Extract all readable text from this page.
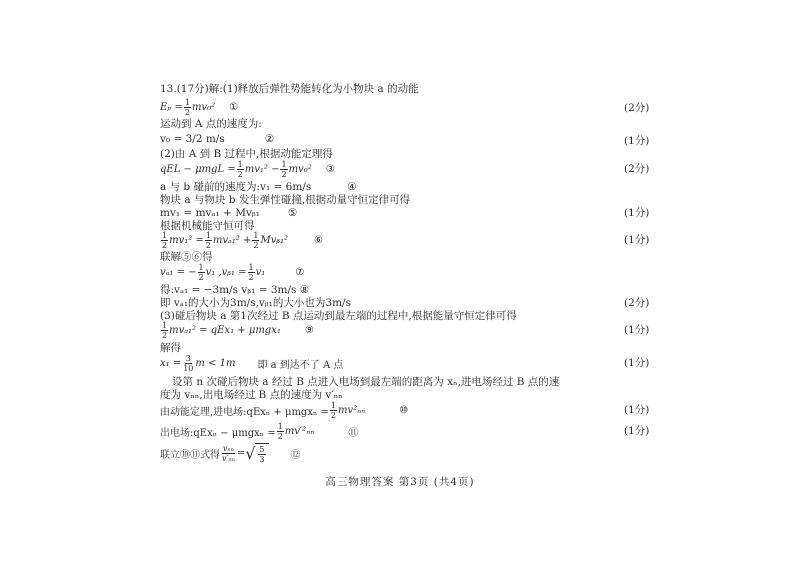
13.(17分)解:(1)释放后弹性势能转化为小物块 a 的动能
$E_p = \frac{1}{2} mv_0^2$ ①	(2分)
运动到 A 点的速度为:
v₀ = 3/2 m/s	②	(1分)
(2)由 A 到 B 过程中,根据动能定理得
qEL − $\mu mgL = \frac{1}{2} mv_1^2 - \frac{1}{2} mv_0^2$ ③	(2分)
a 与 b 碰前的速度为:v₁ = 6m/s	④
物块 a 与物块 b 发生弹性碰撞,根据动量守恒定律可得
mv₁ = mvₐ₁ + Mvᵦ₁	⑤	(1分)
根据机械能守恒可得
$\frac{1}{2} mv_1^2 = \frac{1}{2} mv_{a1}^2 + \frac{1}{2}$ Mvᵦ₁²	⑥	(1分)
联解⑤⑥得
vₐ₁ = − $\frac{1}{2} v_1$ ,vᵦ₁ = $\frac{1}{2} v_1$	⑦
得:vₐ₁ = −3m/s vᵦ₁ = 3m/s ⑧
即 vₐ₁的大小为3m/s,vᵦ₁的大小也为3m/s	(2分)
(3)碰后物块 a 第1次经过 B 点运动到最左端的过程中,根据能量守恒定律可得
$\frac{1}{2} mv_{a1}^2 = qEx_1 + \mu mgx_1$ ⑨	(1分)
解得
$x_1 = \frac{3}{10}$ m < 1m 即 a 到达不了 A 点	(1分)
设第 n 次碰后物块 a 经过 B 点进入电场到最左端的距离为 xₙ,进电场经过 B 点的速
度为 vₙₙ,出电场经过 B 点的速度为 v′ₙₙ
由动能定理,进电场:qExₙ + $\mu mgx_n = \frac{1}{2} mv^2_{nn}$	⑩	(1分)
出电场:qExₙ − $\mu mgx_n = \frac{1}{2} mv'^2_{nn}$	⑪	(1分)
联立⑩⑪式得 $\frac{\text{vₙₙ}}{\text{v′ₙₙ}}$ = √ $\frac{5}{3}$	⑫
高三物理答案 第3页 (共4页)
